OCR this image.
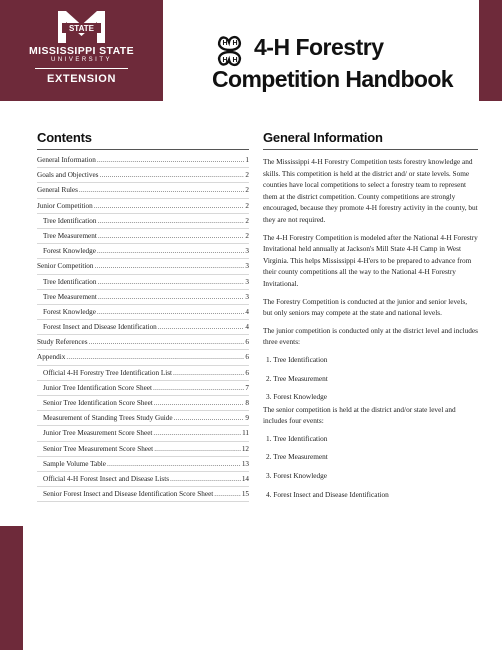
STATE
MISSISSIPPI STATE
UNIVERSITY
EXTENSION
H H
H H
4-H Forestry
Competition Handbook
Contents
General Information .....	1
Goals and Objectives .....	2
General Rules .....	2
Junior Competition .....	2
Tree Identification .....	2
Tree Measurement .....	2
Forest Knowledge .....	3
Senior Competition .....	3
Tree Identification .....	3
Tree Measurement .....	3
Forest Knowledge .....	4
Forest Insect and Disease Identification .....	4
Study References .....	6
Appendix .....	6
Official 4-H Forestry Tree Identification List .....	6
Junior Tree Identification Score Sheet .....	7
Senior Tree Identification Score Sheet .....	8
Measurement of Standing Trees Study Guide .....	9
Junior Tree Measurement Score Sheet .....	11
Senior Tree Measurement Score Sheet .....	12
Sample Volume Table .....	13
Official 4-H Forest Insect and Disease Lists .....	14
Senior Forest Insect and Disease Identification Score Sheet .....	15
General Information

The Mississippi 4-H Forestry Competition tests forestry knowledge and skills. This competition is held at the district and/ or state levels. Some counties have local competitions to select a forestry team to represent them at the district competition. County competitions are strongly encouraged, because they promote 4-H forestry activity in the county, but they are not required.

The 4-H Forestry Competition is modeled after the National 4-H Forestry Invitational held annually at Jackson's Mill State 4-H Camp in West Virginia. This helps Mississippi 4-H'ers to be prepared to advance from their county competitions all the way to the National 4-H Forestry Invitational.

The Forestry Competition is conducted at the junior and senior levels, but only seniors may compete at the state and national levels.

The junior competition is conducted only at the district level and includes three events:

1. Tree Identification
2. Tree Measurement
3. Forest Knowledge

The senior competition is held at the district and/or state level and includes four events:

1. Tree Identification
2. Tree Measurement
3. Forest Knowledge
4. Forest Insect and Disease Identification
